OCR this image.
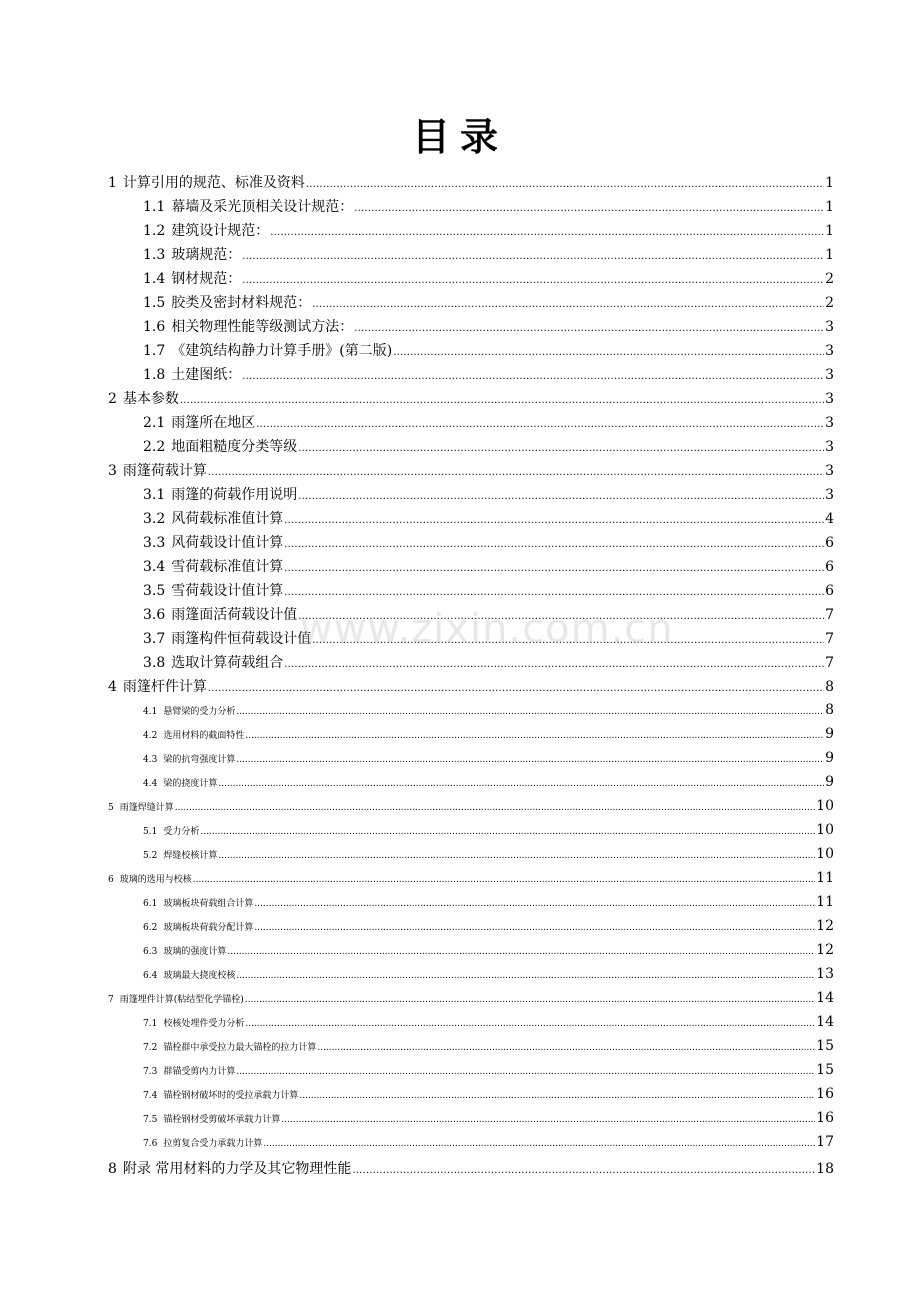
目录
1 计算引用的规范、标准及资料 .....	1
1.1 幕墙及采光顶相关设计规范： .....	1
1.2 建筑设计规范： .....	1
1.3 玻璃规范： .....	1
1.4 钢材规范： .....	2
1.5 胶类及密封材料规范： .....	2
1.6 相关物理性能等级测试方法： .....	3
1.7 《建筑结构静力计算手册》(第二版) .....	3
1.8 土建图纸： .....	3
2 基本参数 .....	3
2.1 雨篷所在地区 .....	3
2.2 地面粗糙度分类等级 .....	3
3 雨篷荷载计算 .....	3
3.1 雨篷的荷载作用说明 .....	3
3.2 风荷载标准值计算 .....	4
3.3 风荷载设计值计算 .....	6
3.4 雪荷载标准值计算 .....	6
3.5 雪荷载设计值计算 .....	6
3.6 雨篷面活荷载设计值 .....	7
3.7 雨篷构件恒荷载设计值 .....	7
3.8 选取计算荷载组合 .....	7
4 雨篷杆件计算 .....	8
4.1 悬臂梁的受力分析 .....	8
4.2 选用材料的截面特性 .....	9
4.3 梁的抗弯强度计算 .....	9
4.4 梁的挠度计算 .....	9
5 雨篷焊缝计算 .....	10
5.1 受力分析 .....	10
5.2 焊缝校核计算 .....	10
6 玻璃的选用与校核 .....	11
6.1 玻璃板块荷载组合计算 .....	11
6.2 玻璃板块荷载分配计算 .....	12
6.3 玻璃的强度计算 .....	12
6.4 玻璃最大挠度校核 .....	13
7 雨篷埋件计算(粘结型化学锚栓) .....	14
7.1 校核处埋件受力分析 .....	14
7.2 锚栓群中承受拉力最大锚栓的拉力计算 .....	15
7.3 群锚受剪内力计算 .....	15
7.4 锚栓钢材破坏时的受拉承载力计算 .....	16
7.5 锚栓钢材受剪破坏承载力计算 .....	16
7.6 拉剪复合受力承载力计算 .....	17
8 附录 常用材料的力学及其它物理性能 .....	18
www.zixin.com.cn
